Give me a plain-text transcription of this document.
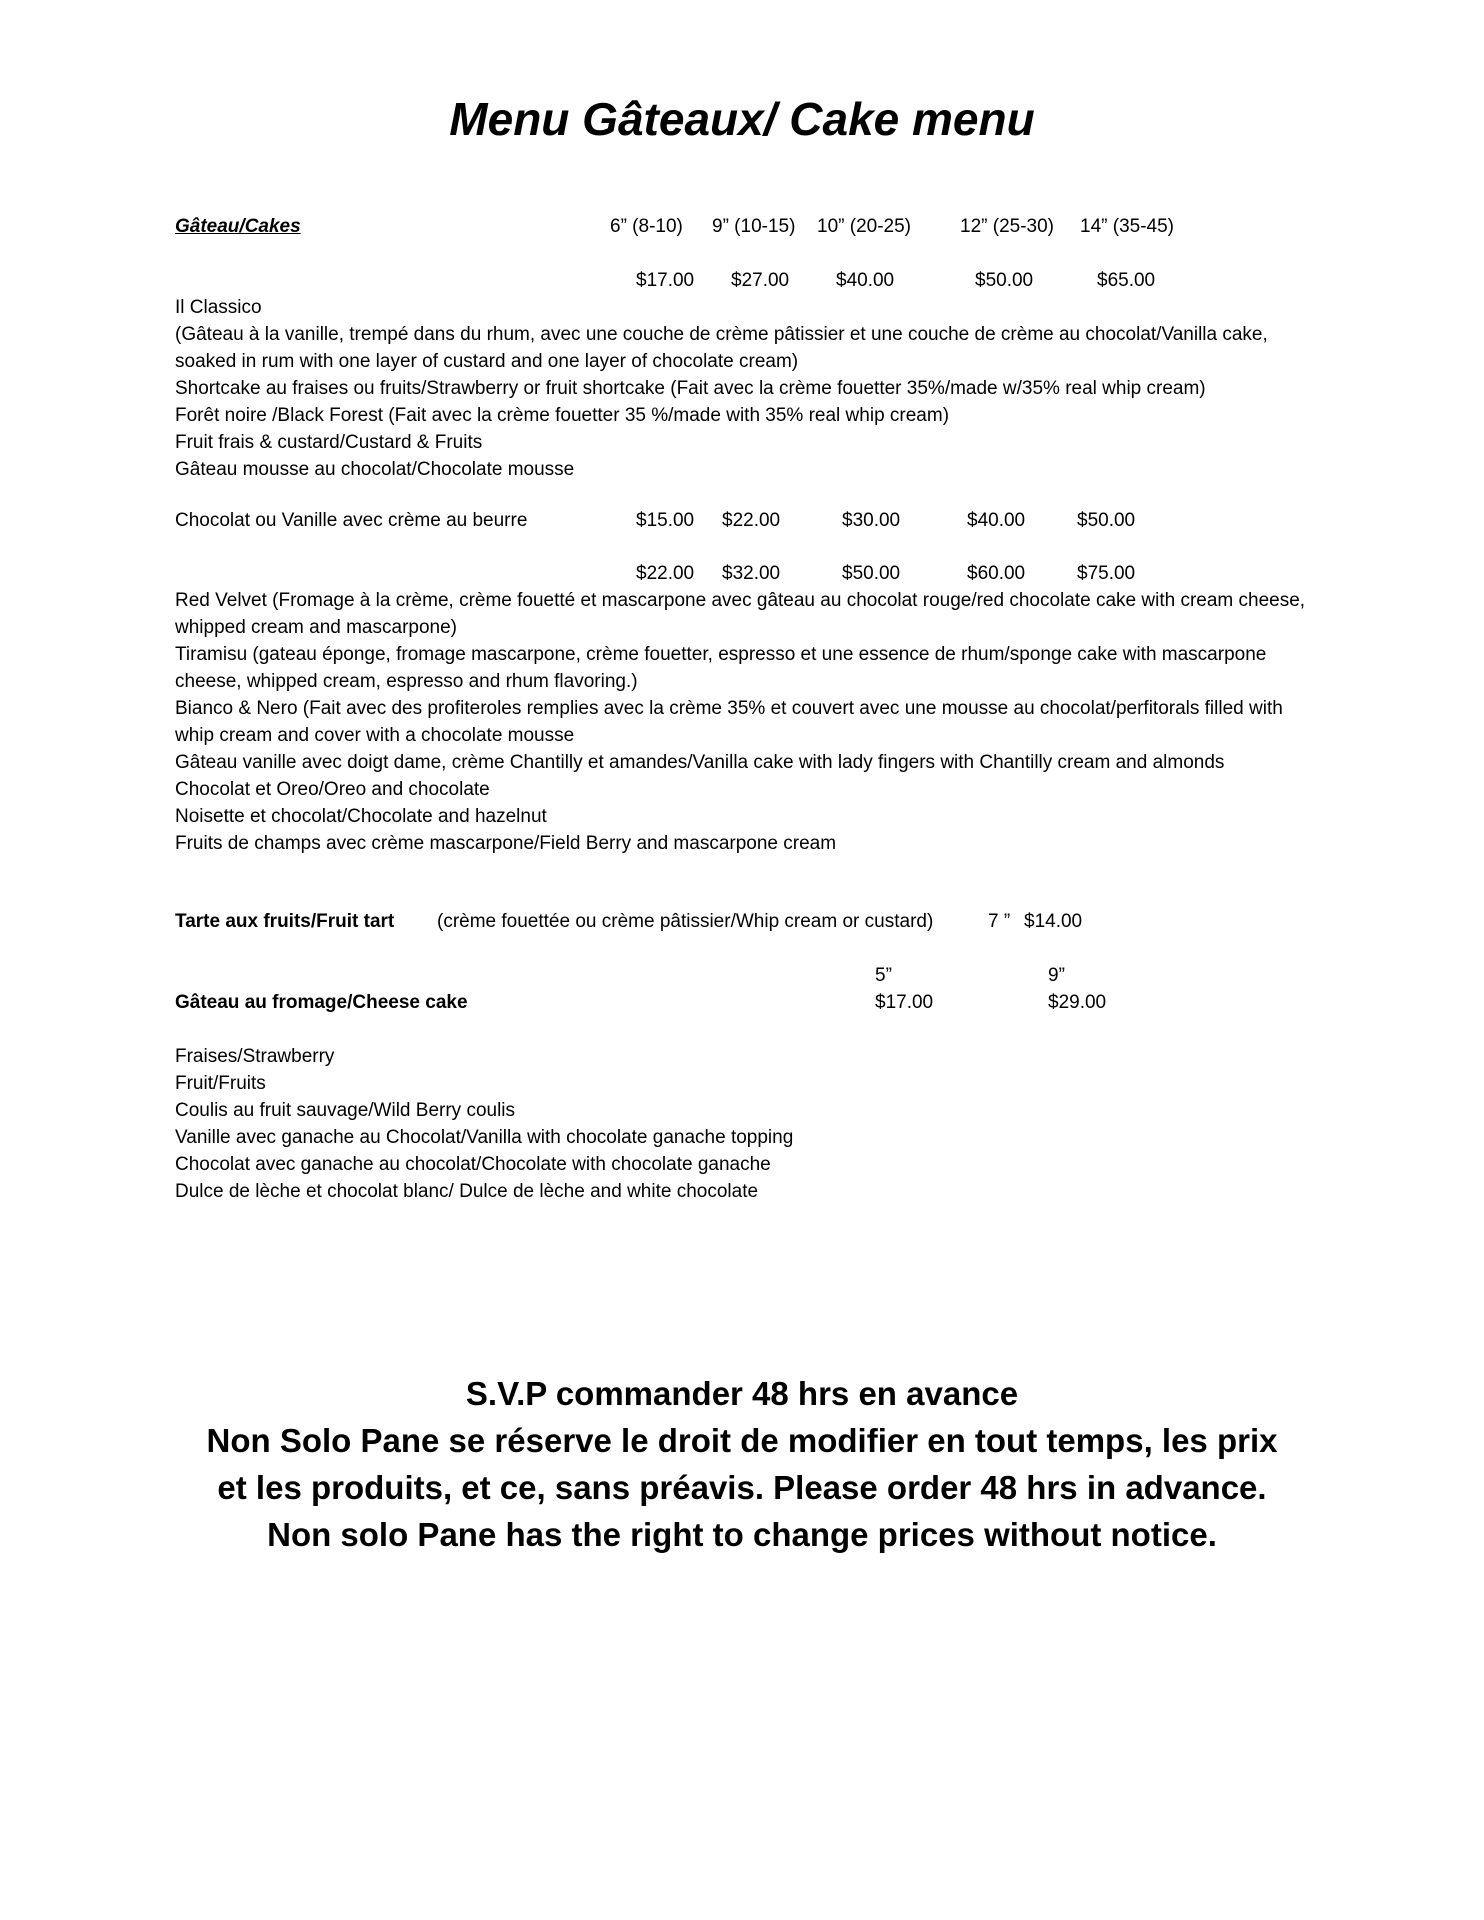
Menu Gâteaux/ Cake menu
Gâteau/Cakes	6” (8-10) 9” (10-15) 10” (20-25)	12” (25-30) 14” (35-45)
$17.00 $27.00 $40.00	$50.00	$65.00
Il Classico
(Gâteau à la vanille, trempé dans du rhum, avec une couche de crème pâtissier et une couche de crème au chocolat/Vanilla cake, soaked in rum with one layer of custard and one layer of chocolate cream)
Shortcake au fraises ou fruits/Strawberry or fruit shortcake (Fait avec la crème fouetter 35%/made w/35% real whip cream)
Forêt noire /Black Forest (Fait avec la crème fouetter 35 %/made with 35% real whip cream)
Fruit frais & custard/Custard & Fruits
Gâteau mousse au chocolat/Chocolate mousse
Chocolat ou Vanille avec crème au beurre	$15.00 $22.00	$30.00	$40.00	$50.00
$22.00 $32.00	$50.00	$60.00	$75.00
Red Velvet (Fromage à la crème, crème fouetté et mascarpone avec gâteau au chocolat rouge/red chocolate cake with cream cheese, whipped cream and mascarpone)
Tiramisu (gateau éponge, fromage mascarpone, crème fouetter, espresso et une essence de rhum/sponge cake with mascarpone cheese, whipped cream, espresso and rhum flavoring.)
Bianco & Nero (Fait avec des profiteroles remplies avec la crème 35% et couvert avec une mousse au chocolat/perfitorals filled with whip cream and cover with a chocolate mousse
Gâteau vanille avec doigt dame, crème Chantilly et amandes/Vanilla cake with lady fingers with Chantilly cream and almonds
Chocolat et Oreo/Oreo and chocolate
Noisette et chocolat/Chocolate and hazelnut
Fruits de champs avec crème mascarpone/Field Berry and mascarpone cream
Tarte aux fruits/Fruit tart (crème fouettée ou crème pâtissier/Whip cream or custard)	7 ” $14.00
5”	9”
Gâteau au fromage/Cheese cake	$17.00	$29.00
Fraises/Strawberry
Fruit/Fruits
Coulis au fruit sauvage/Wild Berry coulis
Vanille avec ganache au Chocolat/Vanilla with chocolate ganache topping
Chocolat avec ganache au chocolat/Chocolate with chocolate ganache
Dulce de lèche et chocolat blanc/ Dulce de lèche and white chocolate
S.V.P commander 48 hrs en avance
Non Solo Pane se réserve le droit de modifier en tout temps, les prix
et les produits, et ce, sans préavis. Please order 48 hrs in advance.
Non solo Pane has the right to change prices without notice.
